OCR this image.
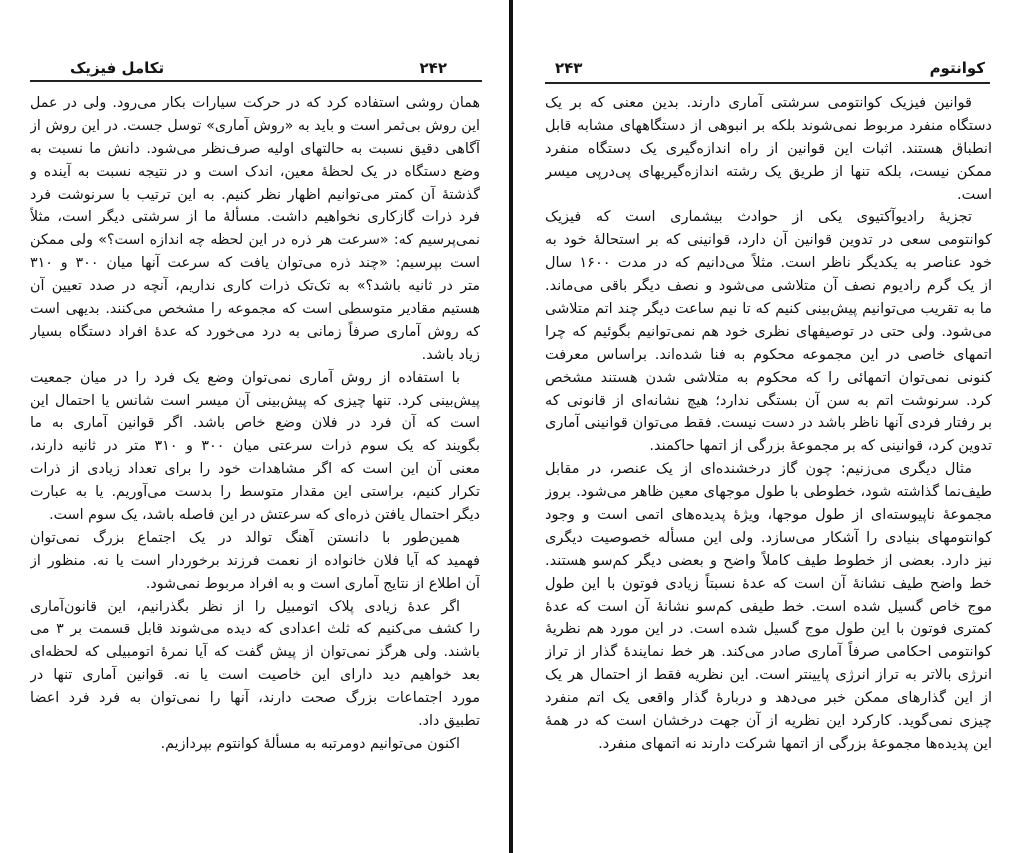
تکامل فیزیک	۲۴۲
همان روشی استفاده کرد که در حرکت سیارات بکار می‌رود. ولی در عمل
این روش بی‌ثمر است و باید به «روش آماری» توسل جست. در این روش از
آگاهی دقیق نسبت به حالتهای اولیه صرف‌نظر می‌شود. دانش ما نسبت به
وضع دستگاه در یک لحظهٔ معین، اندک است و در نتیجه نسبت به آینده و
گذشتهٔ آن کمتر می‌توانیم اظهار نظر کنیم. به این ترتیب با سرنوشت فرد
فرد ذرات گازکاری نخواهیم داشت. مسألهٔ ما از سرشتی دیگر است، مثلاً
نمی‌پرسیم که: «سرعت هر ذره در این لحظه چه اندازه است؟» ولی ممکن
است بپرسیم: «چند ذره می‌توان یافت که سرعت آنها میان ۳۰۰ و ۳۱۰
متر در ثانیه باشد؟» به تک‌تک ذرات کاری نداریم، آنچه در صدد تعیین آن
هستیم مقادیر متوسطی است که مجموعه را مشخص می‌کنند. بدیهی است
که روش آماری صرفاً زمانی به درد می‌خورد که عدهٔ افراد دستگاه بسیار
زیاد باشد.
با استفاده از روش آماری نمی‌توان وضع یک فرد را در میان جمعیت
پیش‌بینی کرد. تنها چیزی که پیش‌بینی آن میسر است شانس یا احتمال این
است که آن فرد در فلان وضع خاص باشد. اگر قوانین آماری به ما
بگویند که یک سوم ذرات سرعتی میان ۳۰۰ و ۳۱۰ متر در ثانیه دارند،
معنی آن این است که اگر مشاهدات خود را برای تعداد زیادی از ذرات
تکرار کنیم، براستی این مقدار متوسط را بدست می‌آوریم. یا به عبارت
دیگر احتمال یافتن ذره‌ای که سرعتش در این فاصله باشد، یک سوم است.
همین‌طور با دانستن آهنگ توالد در یک اجتماع بزرگ نمی‌توان
فهمید که آیا فلان خانواده از نعمت فرزند برخوردار است یا نه. منظور از
آن اطلاع از نتایج آماری است و به افراد مربوط نمی‌شود.
اگر عدهٔ زیادی پلاک اتومبیل را از نظر بگذرانیم، این قانون‌آماری
را کشف می‌کنیم که ثلث اعدادی که دیده می‌شوند قابل قسمت بر ۳ می
باشند. ولی هرگز نمی‌توان از پیش گفت که آیا نمرهٔ اتومبیلی که لحظه‌ای
بعد خواهیم دید دارای این خاصیت است یا نه. قوانین آماری تنها در
مورد اجتماعات بزرگ صحت دارند، آنها را نمی‌توان به فرد فرد اعضا
تطبیق داد.
اکنون می‌توانیم دومرتبه به مسألهٔ کوانتوم بپردازیم.
۲۴۳	کوانتوم
قوانین فیزیک کوانتومی سرشتی آماری دارند. بدین معنی که بر یک
دستگاه منفرد مربوط نمی‌شوند بلکه بر انبوهی از دستگاههای مشابه قابل
انطباق هستند. اثبات این قوانین از راه اندازه‌گیری یک دستگاه منفرد
ممکن نیست، بلکه تنها از طریق یک رشته اندازه‌گیریهای پی‌درپی میسر
است.
تجزیهٔ رادیوآکتیوی یکی از حوادث بیشماری است که فیزیک
کوانتومی سعی در تدوین قوانین آن دارد، قوانینی که بر استحالهٔ خود به
خود عناصر به یکدیگر ناظر است. مثلاً می‌دانیم که در مدت ۱۶۰۰ سال
از یک گرم رادیوم نصف آن متلاشی می‌شود و نصف دیگر باقی می‌ماند.
ما به تقریب می‌توانیم پیش‌بینی کنیم که تا نیم ساعت دیگر چند اتم متلاشی
می‌شود. ولی حتی در توصیفهای نظری خود هم نمی‌توانیم بگوئیم که چرا
اتمهای خاصی در این مجموعه محکوم به فنا شده‌اند. براساس معرفت
کنونی نمی‌توان اتمهائی را که محکوم به متلاشی شدن هستند مشخص
کرد. سرنوشت اتم به سن آن بستگی ندارد؛ هیچ نشانه‌ای از قانونی که
بر رفتار فردی آنها ناظر باشد در دست نیست. فقط می‌توان قوانینی آماری
تدوین کرد، قوانینی که بر مجموعهٔ بزرگی از اتمها حاکمند.
مثال دیگری می‌زنیم: چون گاز درخشنده‌ای از یک عنصر، در مقابل
طیف‌نما گذاشته شود، خطوطی با طول موجهای معین ظاهر می‌شود. بروز
مجموعهٔ ناپیوسته‌ای از طول موجها، ویژهٔ پدیده‌های اتمی است و وجود
کوانتومهای بنیادی را آشکار می‌سازد. ولی این مسأله خصوصیت دیگری
نیز دارد. بعضی از خطوط طیف کاملاً واضح و بعضی دیگر کم‌سو هستند.
خط واضح طیف نشانهٔ آن است که عدهٔ نسبتاً زیادی فوتون با این طول
موج خاص گسیل شده است. خط طیفی کم‌سو نشانهٔ آن است که عدهٔ
کمتری فوتون با این طول موج گسیل شده است. در این مورد هم نظریهٔ
کوانتومی احکامی صرفاً آماری صادر می‌کند. هر خط نمایندهٔ گذار از تراز
انرژی بالاتر به تراز انرژی پایینتر است. این نظریه فقط از احتمال هر یک
از این گذارهای ممکن خبر می‌دهد و دربارهٔ گذار واقعی یک اتم منفرد
چیزی نمی‌گوید. کارکرد این نظریه از آن جهت درخشان است که در همهٔ
این پدیده‌ها مجموعهٔ بزرگی از اتمها شرکت دارند نه اتمهای منفرد.
